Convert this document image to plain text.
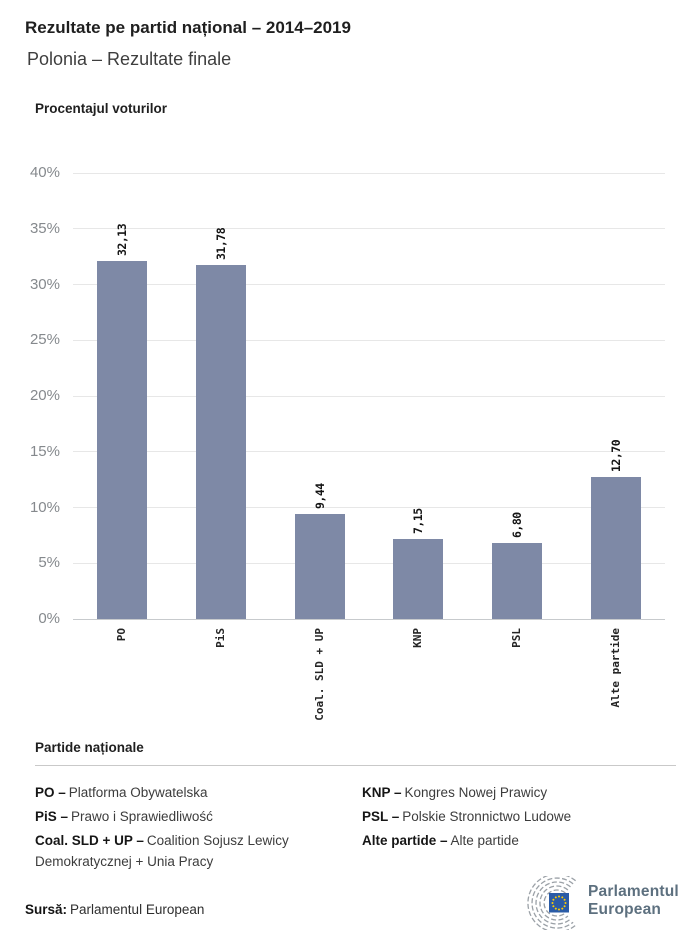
Rezultate pe partid național – 2014–2019
Polonia – Rezultate finale
Procentajul voturilor
0%
5%
10%
15%
20%
25%
30%
35%
40%
32,13
PO
31,78
PiS
9,44
Coal. SLD + UP
7,15
KNP
6,80
PSL
12,70
Alte partide
Partide naționale
PO – Platforma Obywatelska
PiS – Prawo i Sprawiedliwość
Coal. SLD + UP – Coalition Sojusz Lewicy Demokratycznej + Unia Pracy
KNP – Kongres Nowej Prawicy
PSL – Polskie Stronnictwo Ludowe
Alte partide – Alte partide
Sursă: Parlamentul European
Parlamentul
European
